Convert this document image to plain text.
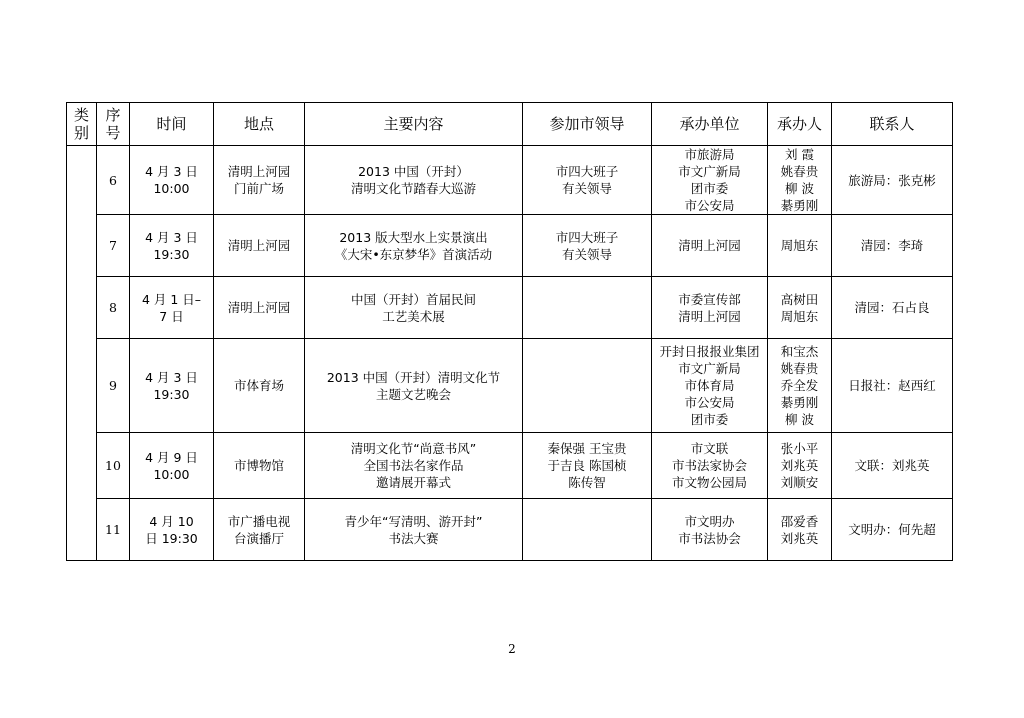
类别	序号	时间	地点	主要内容	参加市领导	承办单位	承办人	联系人
	6	4 月 3 日
10:00	清明上河园
门前广场	2013 中国（开封）
清明文化节踏春大巡游	市四大班子
有关领导	市旅游局
市文广新局
团市委
市公安局	刘 霞
姚春贵
柳 波
綦勇刚	旅游局：张克彬

	7	4 月 3 日
19:30	清明上河园	2013 版大型水上实景演出
《大宋•东京梦华》首演活动	市四大班子
有关领导	清明上河园	周旭东	清园：李琦

	8	4 月 1 日–
7 日	清明上河园	中国（开封）首届民间
工艺美术展		市委宣传部
清明上河园	高树田
周旭东	清园：石占良

	9	4 月 3 日
19:30	市体育场	2013 中国（开封）清明文化节
主题文艺晚会		开封日报报业集团
市文广新局
市体育局
市公安局
团市委	和宝杰
姚春贵
乔全发
綦勇刚
柳 波	日报社：赵西红

	10	4 月 9 日
10:00	市博物馆	清明文化节“尚意书风”
全国书法名家作品
邀请展开幕式	秦保强 王宝贵
于吉良 陈国桢
陈传智	市文联
市书法家协会
市文物公园局	张小平
刘兆英
刘顺安	文联：刘兆英

	11	4 月 10
日 19:30	市广播电视
台演播厅	青少年“写清明、游开封”
书法大赛		市文明办
市书法协会	邵爱香
刘兆英	文明办：何先超
2
